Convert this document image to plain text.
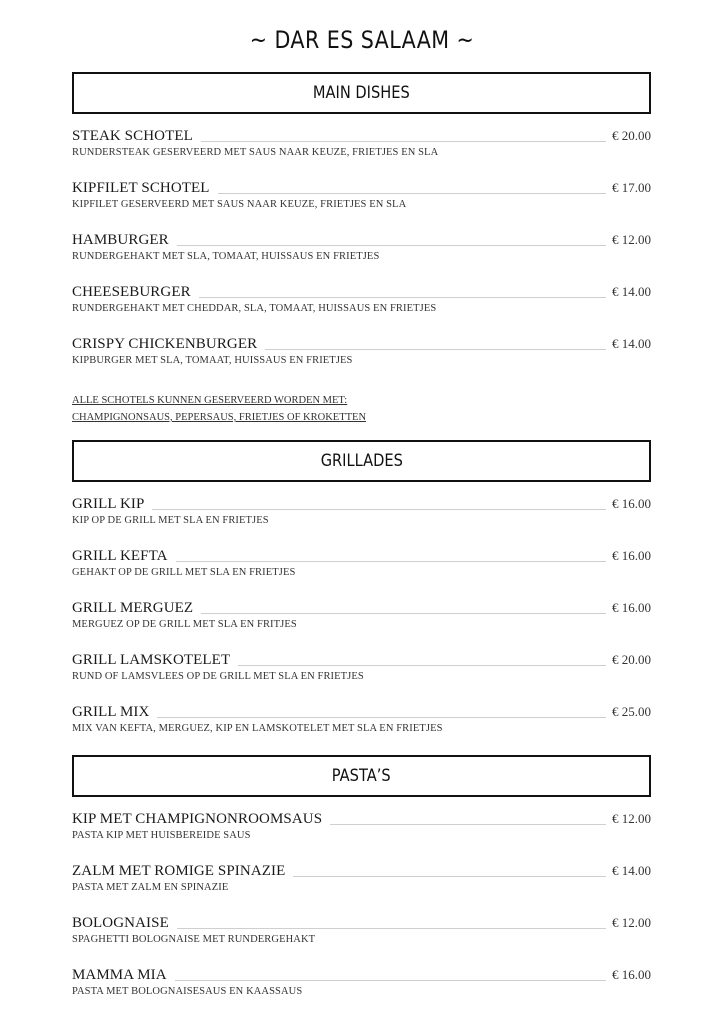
~ DAR ES SALAAM ~
MAIN DISHES
STEAK SCHOTEL	€ 20.00
RUNDERSTEAK GESERVEERD MET SAUS NAAR KEUZE, FRIETJES EN SLA
KIPFILET SCHOTEL	€ 17.00
KIPFILET GESERVEERD MET SAUS NAAR KEUZE, FRIETJES EN SLA
HAMBURGER	€ 12.00
RUNDERGEHAKT MET SLA, TOMAAT, HUISSAUS EN FRIETJES
CHEESEBURGER	€ 14.00
RUNDERGEHAKT MET CHEDDAR, SLA, TOMAAT, HUISSAUS EN FRIETJES
CRISPY CHICKENBURGER	€ 14.00
KIPBURGER MET SLA, TOMAAT, HUISSAUS EN FRIETJES
ALLE SCHOTELS KUNNEN GESERVEERD WORDEN MET:
CHAMPIGNONSAUS, PEPERSAUS, FRIETJES OF KROKETTEN
GRILLADES
GRILL KIP	€ 16.00
KIP OP DE GRILL MET SLA EN FRIETJES
GRILL KEFTA	€ 16.00
GEHAKT OP DE GRILL MET SLA EN FRIETJES
GRILL MERGUEZ	€ 16.00
MERGUEZ OP DE GRILL MET SLA EN FRITJES
GRILL LAMSKOTELET	€ 20.00
RUND OF LAMSVLEES OP DE GRILL MET SLA EN FRIETJES
GRILL MIX	€ 25.00
MIX VAN KEFTA, MERGUEZ, KIP EN LAMSKOTELET MET SLA EN FRIETJES
PASTA’S
KIP MET CHAMPIGNONROOMSAUS	€ 12.00
PASTA KIP MET HUISBEREIDE SAUS
ZALM MET ROMIGE SPINAZIE	€ 14.00
PASTA MET ZALM EN SPINAZIE
BOLOGNAISE	€ 12.00
SPAGHETTI BOLOGNAISE MET RUNDERGEHAKT
MAMMA MIA	€ 16.00
PASTA MET BOLOGNAISESAUS EN KAASSAUS
